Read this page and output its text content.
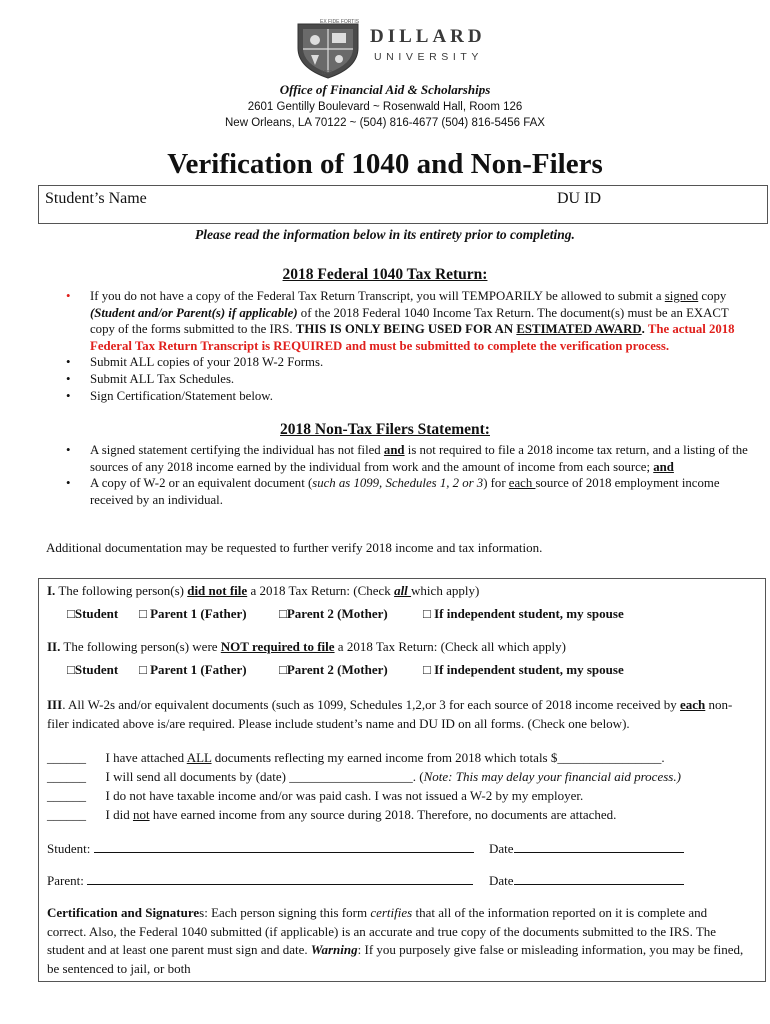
EX FIDE FORTIS
1869
DILLARD
UNIVERSITY
Office of Financial Aid & Scholarships
2601 Gentilly Boulevard ~ Rosenwald Hall, Room 126
New Orleans, LA 70122 ~ (504) 816-4677 (504) 816-5456 FAX
Verification of 1040 and Non-Filers
Student’s Name	DU ID
Please read the information below in its entirety prior to completing.
2018 Federal 1040 Tax Return:
• If you do not have a copy of the Federal Tax Return Transcript, you will TEMPOARILY be allowed to submit a signed copy (Student and/or Parent(s) if applicable) of the 2018 Federal 1040 Income Tax Return. The document(s) must be an EXACT copy of the forms submitted to the IRS. THIS IS ONLY BEING USED FOR AN ESTIMATED AWARD. The actual 2018 Federal Tax Return Transcript is REQUIRED and must be submitted to complete the verification process.
• Submit ALL copies of your 2018 W-2 Forms.
• Submit ALL Tax Schedules.
• Sign Certification/Statement below.
2018 Non-Tax Filers Statement:
• A signed statement certifying the individual has not filed and is not required to file a 2018 income tax return, and a listing of the sources of any 2018 income earned by the individual from work and the amount of income from each source; and
• A copy of W-2 or an equivalent document (such as 1099, Schedules 1, 2 or 3) for each source of 2018 employment income received by an individual.
Additional documentation may be requested to further verify 2018 income and tax information.
I. The following person(s) did not file a 2018 Tax Return: (Check all which apply)
□Student □ Parent 1 (Father) □Parent 2 (Mother)	□ If independent student, my spouse
II. The following person(s) were NOT required to file a 2018 Tax Return: (Check all which apply)
□Student □ Parent 1 (Father) □Parent 2 (Mother)	□ If independent student, my spouse
III. All W-2s and/or equivalent documents (such as 1099, Schedules 1,2,or 3 for each source of 2018 income received by each non-filer indicated above is/are required. Please include student’s name and DU ID on all forms. (Check one below).
______ I have attached ALL documents reflecting my earned income from 2018 which totals $________________.
______ I will send all documents by (date) ___________________. (Note: This may delay your financial aid process.)
______ I do not have taxable income and/or was paid cash. I was not issued a W-2 by my employer.
______ I did not have earned income from any source during 2018. Therefore, no documents are attached.
Student:	Date
Parent:	Date
Certification and Signatures: Each person signing this form certifies that all of the information reported on it is complete and correct. Also, the Federal 1040 submitted (if applicable) is an accurate and true copy of the documents submitted to the IRS. The student and at least one parent must sign and date. Warning: If you purposely give false or misleading information, you may be fined, be sentenced to jail, or both
